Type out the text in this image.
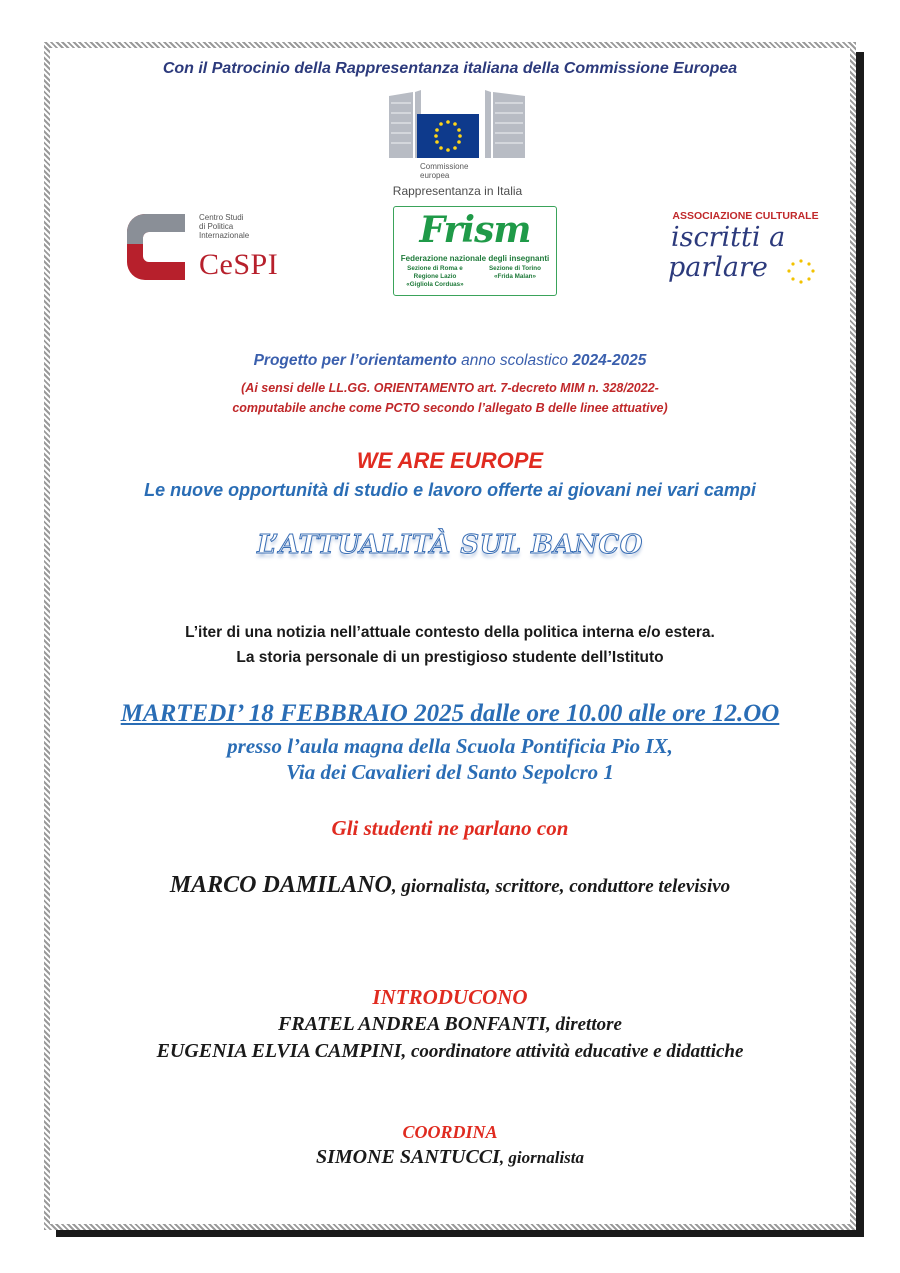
Con il Patrocinio della Rappresentanza italiana della Commissione Europea
Commissione
europea
Rappresentanza in Italia
Centro Studi
di Politica
Internazionale
CeSPI
Frism
Federazione nazionale degli insegnanti
Sezione di Roma e
Regione Lazio
«Gigliola Corduas»
Sezione di Torino
«Frida Malan»
ASSOCIAZIONE CULTURALE
iscritti a
parlare
Progetto per l’orientamento anno scolastico 2024-2025
(Ai sensi delle LL.GG. ORIENTAMENTO art. 7-decreto MIM n. 328/2022-
computabile anche come PCTO secondo l’allegato B delle linee attuative)
WE ARE EUROPE
Le nuove opportunità di studio e lavoro offerte ai giovani nei vari campi
L’ATTUALITÀ SUL BANCO
L’iter di una notizia nell’attuale contesto della politica interna e/o estera.
La storia personale di un prestigioso studente dell’Istituto
MARTEDI’ 18 FEBBRAIO 2025 dalle ore 10.00 alle ore 12.OO
presso l’aula magna della Scuola Pontificia Pio IX,
Via dei Cavalieri del Santo Sepolcro 1
Gli studenti ne parlano con
MARCO DAMILANO, giornalista, scrittore, conduttore televisivo
INTRODUCONO
FRATEL ANDREA BONFANTI, direttore
EUGENIA ELVIA CAMPINI, coordinatore attività educative e didattiche
COORDINA
SIMONE SANTUCCI, giornalista
